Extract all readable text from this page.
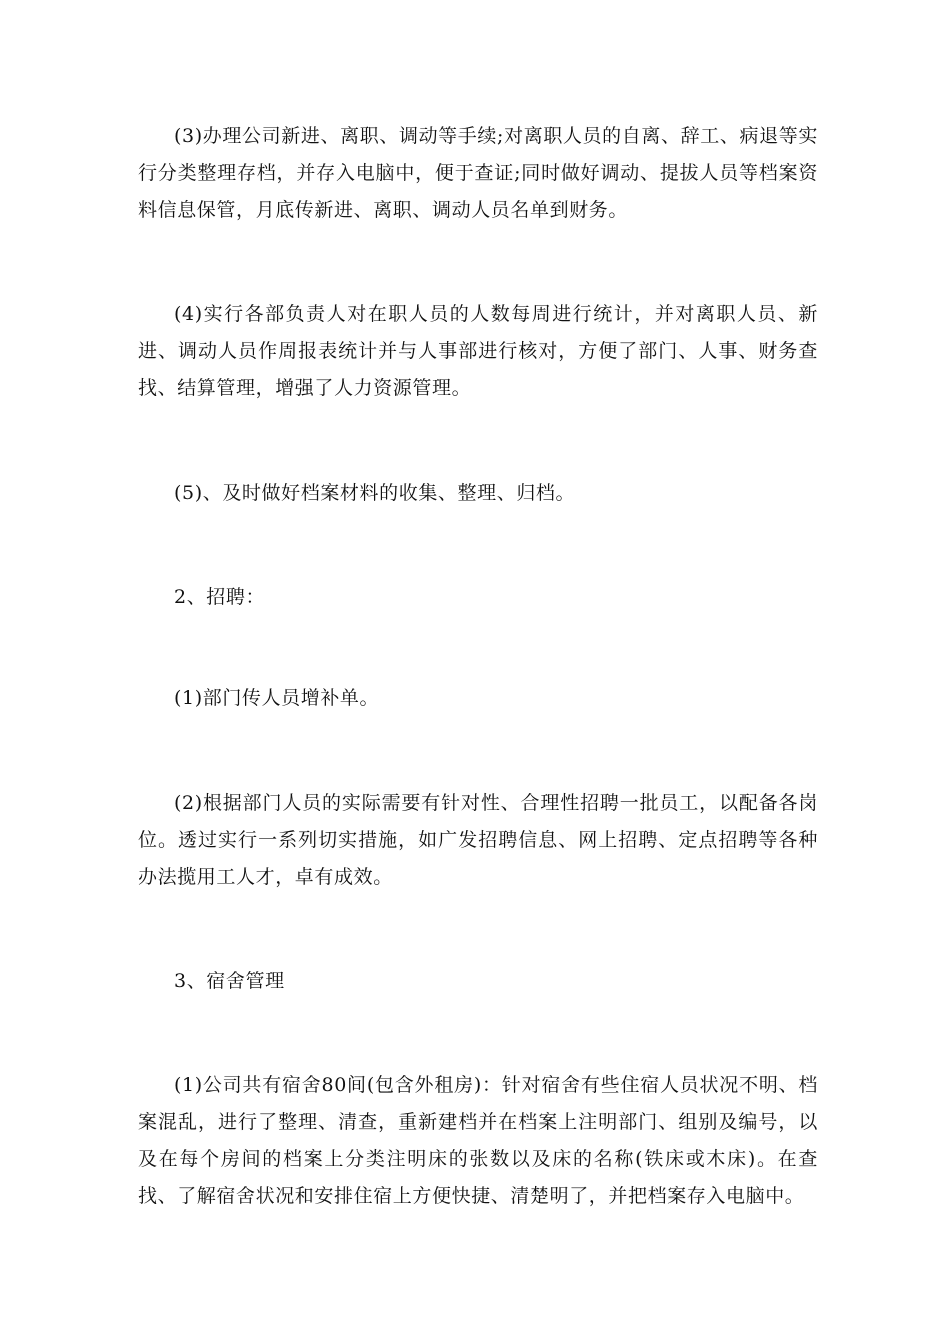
(3)办理公司新进、离职、调动等手续;对离职人员的自离、辞工、病退等实行分类整理存档，并存入电脑中，便于查证;同时做好调动、提拔人员等档案资料信息保管，月底传新进、离职、调动人员名单到财务。

(4)实行各部负责人对在职人员的人数每周进行统计，并对离职人员、新进、调动人员作周报表统计并与人事部进行核对，方便了部门、人事、财务查找、结算管理，增强了人力资源管理。

(5)、及时做好档案材料的收集、整理、归档。

2、招聘：

(1)部门传人员增补单。

(2)根据部门人员的实际需要有针对性、合理性招聘一批员工，以配备各岗位。透过实行一系列切实措施，如广发招聘信息、网上招聘、定点招聘等各种办法揽用工人才，卓有成效。

3、宿舍管理

(1)公司共有宿舍80间(包含外租房)：针对宿舍有些住宿人员状况不明、档案混乱，进行了整理、清查，重新建档并在档案上注明部门、组别及编号，以及在每个房间的档案上分类注明床的张数以及床的名称(铁床或木床)。在查找、了解宿舍状况和安排住宿上方便快捷、清楚明了，并把档案存入电脑中。
